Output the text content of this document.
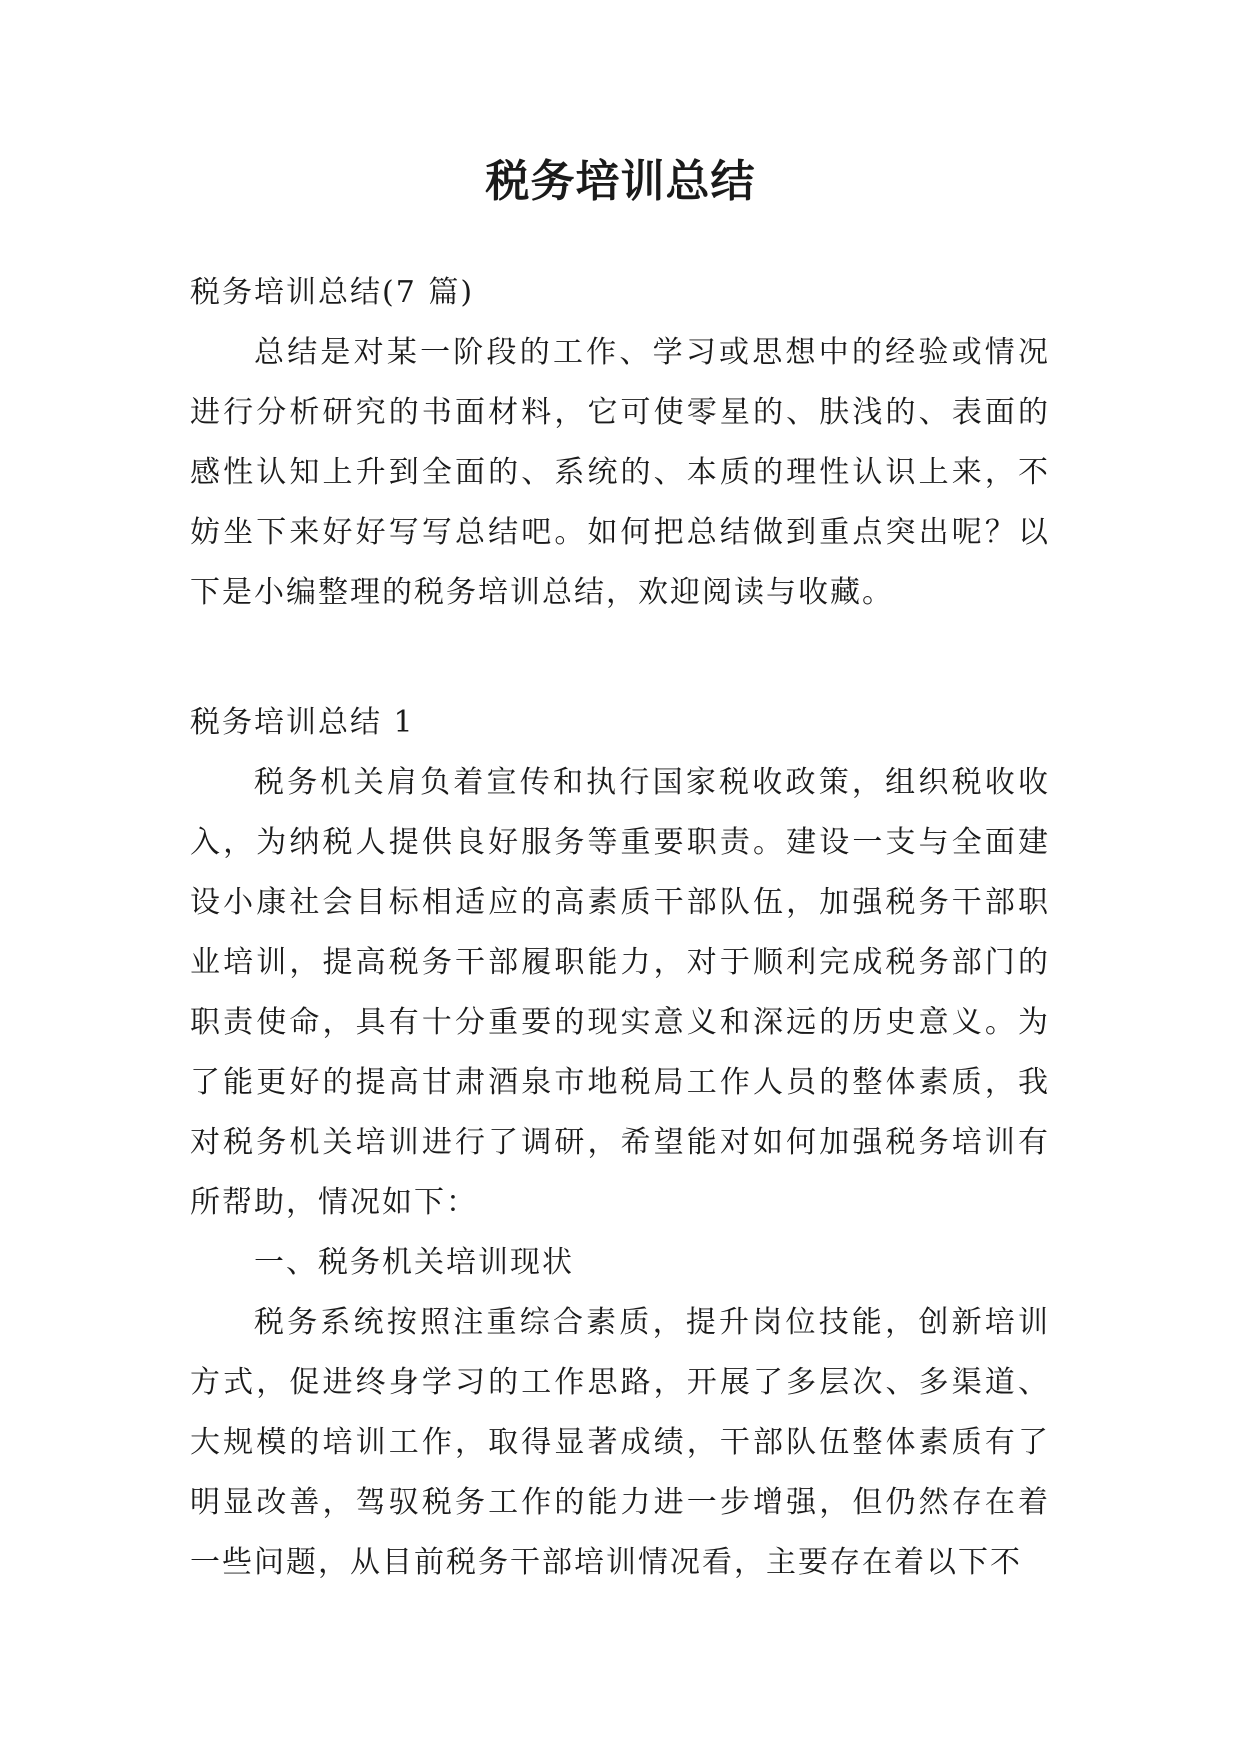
税务培训总结

税务培训总结(7 篇)

总结是对某一阶段的工作、学习或思想中的经验或情况进行分析研究的书面材料，它可使零星的、肤浅的、表面的感性认知上升到全面的、系统的、本质的理性认识上来，不妨坐下来好好写写总结吧。如何把总结做到重点突出呢？以下是小编整理的税务培训总结，欢迎阅读与收藏。

税务培训总结 1

税务机关肩负着宣传和执行国家税收政策，组织税收收入，为纳税人提供良好服务等重要职责。建设一支与全面建设小康社会目标相适应的高素质干部队伍，加强税务干部职业培训，提高税务干部履职能力，对于顺利完成税务部门的职责使命，具有十分重要的现实意义和深远的历史意义。为了能更好的提高甘肃酒泉市地税局工作人员的整体素质，我对税务机关培训进行了调研，希望能对如何加强税务培训有所帮助，情况如下：

一、税务机关培训现状

税务系统按照注重综合素质，提升岗位技能，创新培训方式，促进终身学习的工作思路，开展了多层次、多渠道、大规模的培训工作，取得显著成绩，干部队伍整体素质有了明显改善，驾驭税务工作的能力进一步增强，但仍然存在着一些问题，从目前税务干部培训情况看，主要存在着以下不
